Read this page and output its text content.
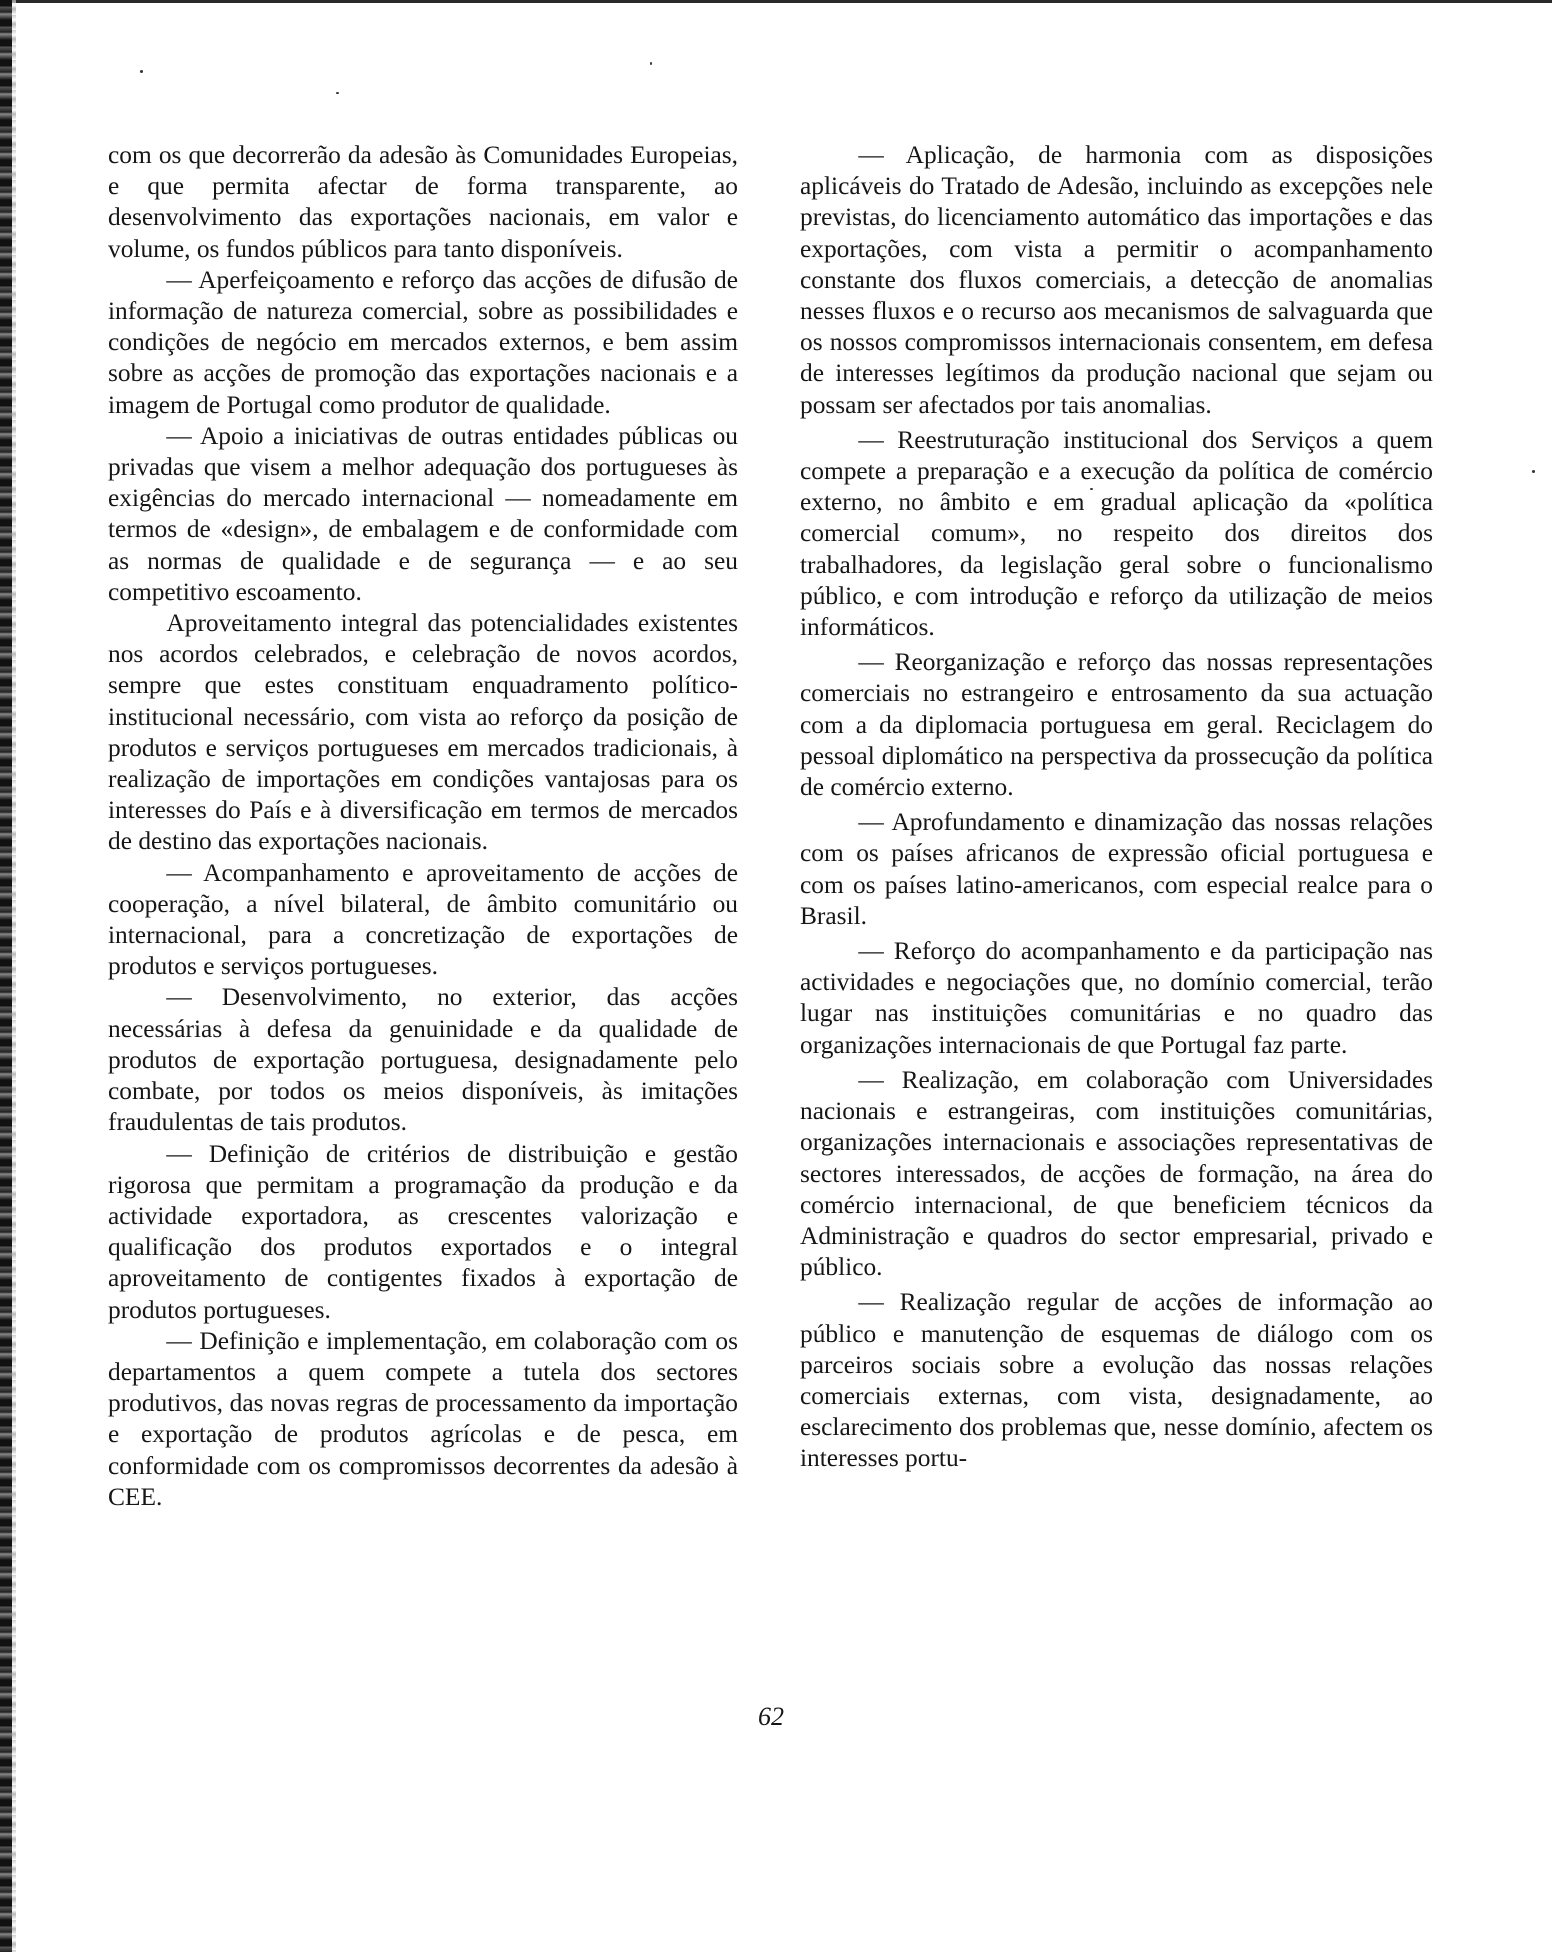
com os que decorrerão da adesão às Comunidades Europeias, e que permita afectar de forma transparente, ao desenvolvimento das exportações nacionais, em valor e volume, os fundos públicos para tanto disponíveis.

— Aperfeiçoamento e reforço das acções de difusão de informação de natureza comercial, sobre as possibilidades e condições de negócio em mercados externos, e bem assim sobre as acções de promoção das exportações nacionais e a imagem de Portugal como produtor de qualidade.

— Apoio a iniciativas de outras entidades públicas ou privadas que visem a melhor adequação dos portugueses às exigências do mercado internacional — nomeadamente em termos de «design», de embalagem e de conformidade com as normas de qualidade e de segurança — e ao seu competitivo escoamento.

Aproveitamento integral das potencialidades existentes nos acordos celebrados, e celebração de novos acordos, sempre que estes constituam enquadramento político-institucional necessário, com vista ao reforço da posição de produtos e serviços portugueses em mercados tradicionais, à realização de importações em condições vantajosas para os interesses do País e à diversificação em termos de mercados de destino das exportações nacionais.

— Acompanhamento e aproveitamento de acções de cooperação, a nível bilateral, de âmbito comunitário ou internacional, para a concretização de exportações de produtos e serviços portugueses.

— Desenvolvimento, no exterior, das acções necessárias à defesa da genuinidade e da qualidade de produtos de exportação portuguesa, designadamente pelo combate, por todos os meios disponíveis, às imitações fraudulentas de tais produtos.

— Definição de critérios de distribuição e gestão rigorosa que permitam a programação da produção e da actividade exportadora, as crescentes valorização e qualificação dos produtos exportados e o integral aproveitamento de contigentes fixados à exportação de produtos portugueses.

— Definição e implementação, em colaboração com os departamentos a quem compete a tutela dos sectores produtivos, das novas regras de processamento da importação e exportação de produtos agrícolas e de pesca, em conformidade com os compromissos decorrentes da adesão à CEE.

— Aplicação, de harmonia com as disposições aplicáveis do Tratado de Adesão, incluindo as excepções nele previstas, do licenciamento automático das importações e das exportações, com vista a permitir o acompanhamento constante dos fluxos comerciais, a detecção de anomalias nesses fluxos e o recurso aos mecanismos de salvaguarda que os nossos compromissos internacionais consentem, em defesa de interesses legítimos da produção nacional que sejam ou possam ser afectados por tais anomalias.

— Reestruturação institucional dos Serviços a quem compete a preparação e a execução da política de comércio externo, no âmbito e em gradual aplicação da «política comercial comum», no respeito dos direitos dos trabalhadores, da legislação geral sobre o funcionalismo público, e com introdução e reforço da utilização de meios informáticos.

— Reorganização e reforço das nossas representações comerciais no estrangeiro e entrosamento da sua actuação com a da diplomacia portuguesa em geral. Reciclagem do pessoal diplomático na perspectiva da prossecução da política de comércio externo.

— Aprofundamento e dinamização das nossas relações com os países africanos de expressão oficial portuguesa e com os países latino-americanos, com especial realce para o Brasil.

— Reforço do acompanhamento e da participação nas actividades e negociações que, no domínio comercial, terão lugar nas instituições comunitárias e no quadro das organizações internacionais de que Portugal faz parte.

— Realização, em colaboração com Universidades nacionais e estrangeiras, com instituições comunitárias, organizações internacionais e associações representativas de sectores interessados, de acções de formação, na área do comércio internacional, de que beneficiem técnicos da Administração e quadros do sector empresarial, privado e público.

— Realização regular de acções de informação ao público e manutenção de esquemas de diálogo com os parceiros sociais sobre a evolução das nossas relações comerciais externas, com vista, designadamente, ao esclarecimento dos problemas que, nesse domínio, afectem os interesses portu-

62
